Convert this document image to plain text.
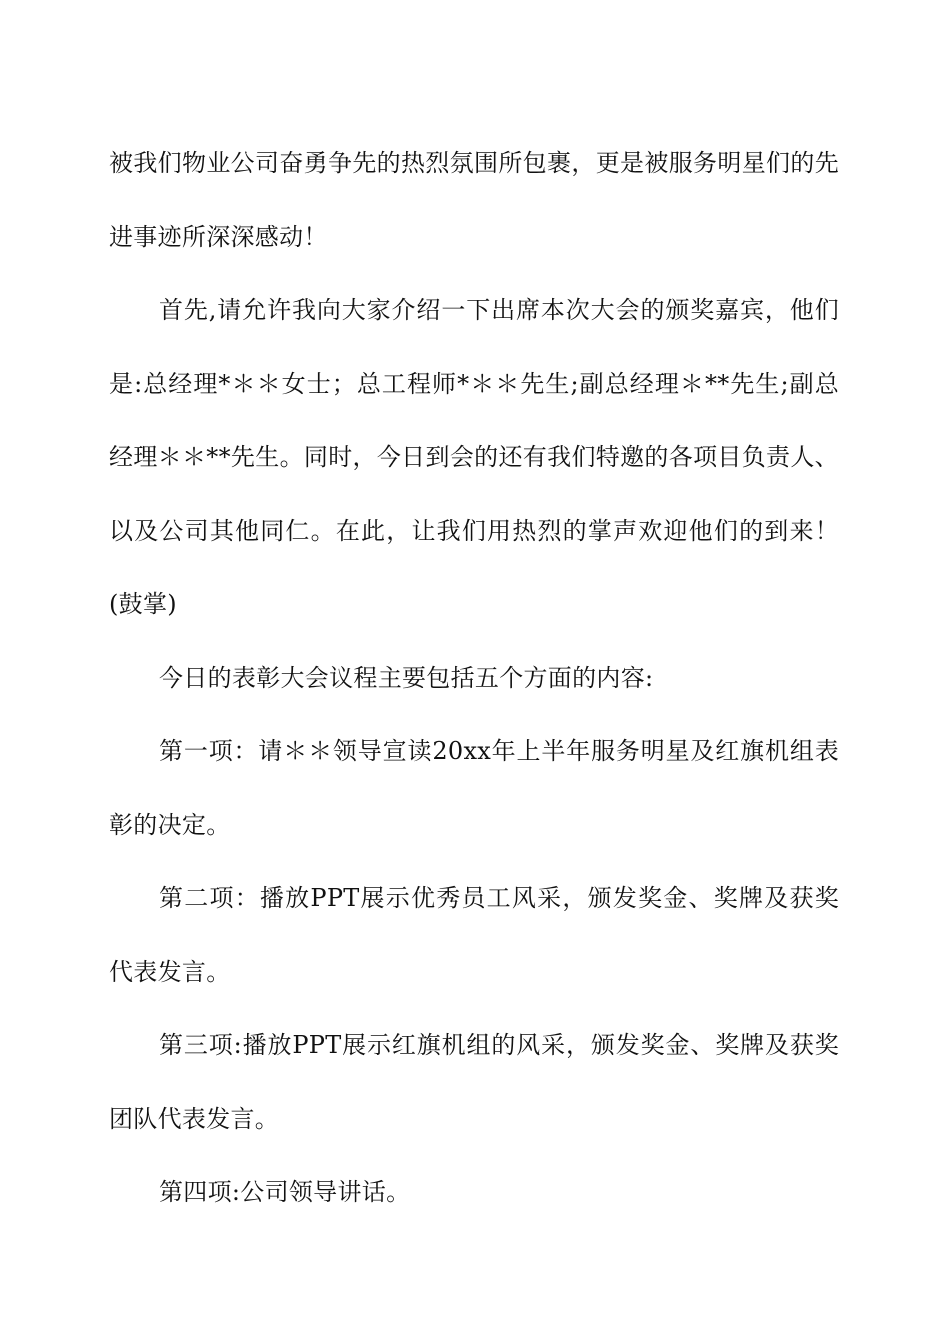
被我们物业公司奋勇争先的热烈氛围所包裹，更是被服务明星们的先进事迹所深深感动！

首先,请允许我向大家介绍一下出席本次大会的颁奖嘉宾，他们是:总经理*＊＊女士；总工程师*＊＊先生;副总经理＊**先生;副总经理＊＊**先生。同时，今日到会的还有我们特邀的各项目负责人、以及公司其他同仁。在此，让我们用热烈的掌声欢迎他们的到来！(鼓掌)

今日的表彰大会议程主要包括五个方面的内容:

第一项：请＊＊领导宣读20xx年上半年服务明星及红旗机组表彰的决定。

第二项：播放PPT展示优秀员工风采，颁发奖金、奖牌及获奖代表发言。

第三项:播放PPT展示红旗机组的风采，颁发奖金、奖牌及获奖团队代表发言。

第四项:公司领导讲话。
